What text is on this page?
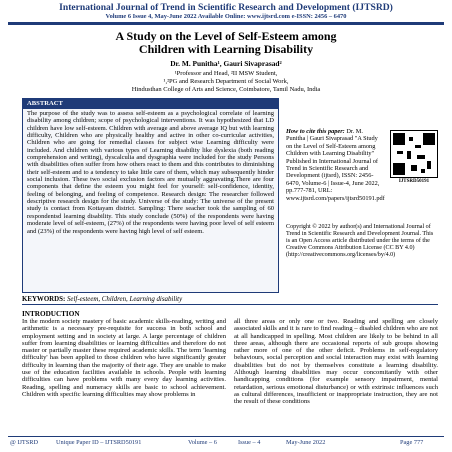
International Journal of Trend in Scientific Research and Development (IJTSRD)
Volume 6 Issue 4, May-June 2022 Available Online: www.ijtsrd.com e-ISSN: 2456 – 6470
A Study on the Level of Self-Esteem among
Children with Learning Disability
Dr. M. Punitha¹, Gauri Sivaprasad²
¹Professor and Head, ²II MSW Student,
¹,²PG and Research Department of Social Work,
Hindusthan College of Arts and Science, Coimbatore, Tamil Nadu, India
ABSTRACT
The purpose of the study was to assess self-esteem as a psychological correlate of learning disability among children; scope of psychological interventions. It was hypothesized that LD children have low self-esteem. Children with average and above average IQ but with learning difficulty, Children who are physically healthy and active in other co-curricular activities, Children who are going for remedial classes for subject wise Learning difficulty were included. And children with various types of Learning disability like dyslexia (both reading comprehension and writing), dyscalculia and dysgraphia were included for the study Persons with disabilities often suffer from how others react to them and this contributes to diminishing their self-esteem and to a tendency to take little care of them, which may subsequently hinder social inclusion. These two social exclusion factors are mutually aggravating.There are four components that define the esteem you might feel for yourself: self-confidence, identity, feeling of belonging, and feeling of competence. Research design: The researcher followed descriptive research design for the study. Universe of the study: The universe of the present study is contact from Kottayam district. Sampling: There seacher took the sampling of 60 respondentsd learning disability. This study conclude (50%) of the respondents were having moderate level of self-esteem, (27%) of the respondents were having poor level of self esteem and (23%) of the respondents were having high level of self esteem.
How to cite this paper: Dr. M. Punitha | Gauri Sivaprasad "A Study on the Level of Self-Esteem among Children with Learning Disability" Published in International Journal of Trend in Scientific Research and Development (ijtsrd), ISSN: 2456-6470, Volume-6 | Issue-4, June 2022, pp.777-781, URL: www.ijtsrd.com/papers/ijtsrd50191.pdf
IJTSRD50191
Copyright © 2022 by author(s) and International Journal of Trend in Scientific Research and Development Journal. This is an Open Access article distributed under the terms of the Creative Commons Attribution License (CC BY 4.0) (http://creativecommons.org/licenses/by/4.0)
KEYWORDS: Self-esteem, Children, Learning disability
INTRODUCTION
In the modern society mastery of basic academic skills-reading, writing and arithmetic is a necessary pre-requisite for success in both school and employment setting and in society at large. A large percentage of children suffer from learning disabilities or learning difficulties and therefore do not master or partially master these required academic skills. The term 'learning difficulty' has been applied to those children who have significantly greater difficulty in learning than the majority of their age. They are unable to make use of the education facilities available in schools. People with learning difficulties can have problems with many every day learning activities. Reading, spelling and numeracy skills are basic to school achievement. Children with specific learning difficulties may show problems in
all three areas or only one or two. Reading and spelling are closely associated skills and it is rare to find reading – disabled children who are not at all handicapped in spelling. Most children are likely to be behind in all three areas, although there are occasional reports of sub groups showing rather more of one of the other deficit. Problems in self-regulatory behaviours, social perception and social interaction may exist with learning disabilities but do not by themselves constitute a learning disability. Although learning disabilities may occur concomitantly with other handicapping conditions (for example sensory impairment, mental retardation, serious emotional disturbance) or with extrinsic influences such as cultural differences, insufficient or inappropriate instruction, they are not the result of these conditions
@ IJTSRD	Unique Paper ID – IJTSRD50191	Volume – 6	Issue – 4	May-June 2022	Page 777
